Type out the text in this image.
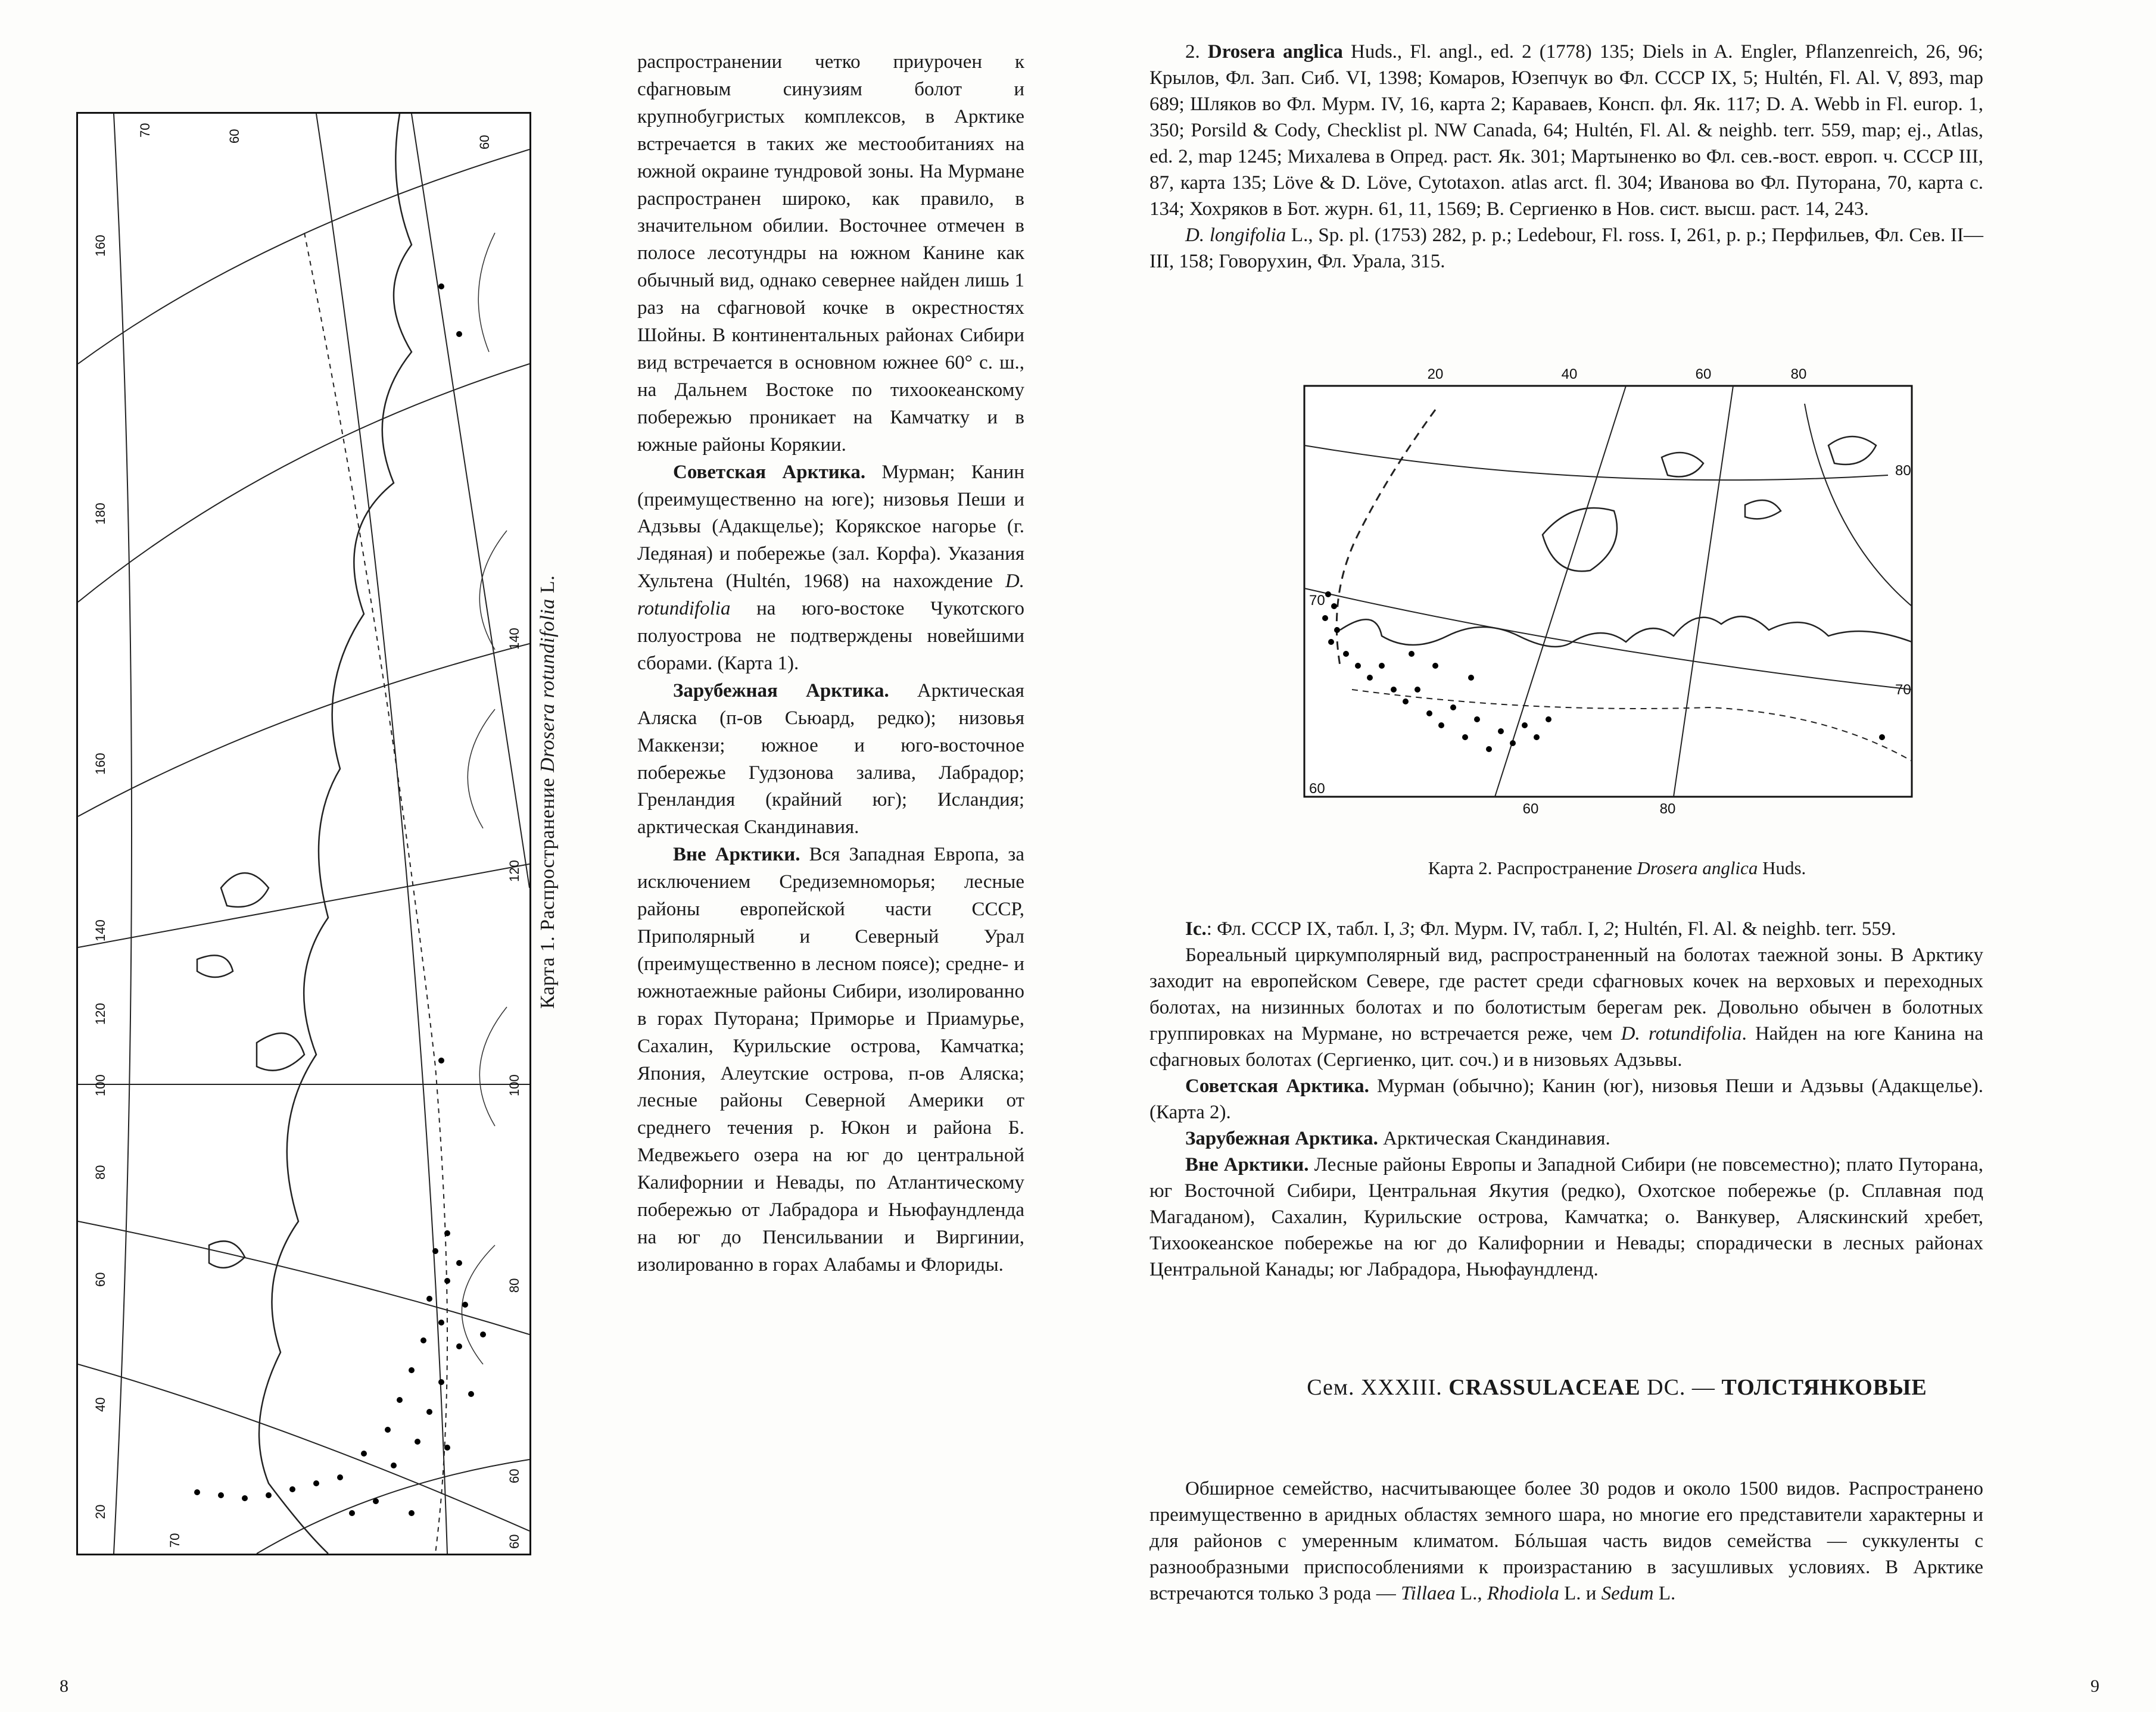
160
180
160
140
120
100
80
60
40
20
70
70
60	60
140
120
100
80
60
60
Карта 1. Распространение Drosera rotundifolia L.

распространении четко приурочен к сфагновым синузиям болот и крупнобугристых комплексов, в Арктике встречается в таких же местообитаниях на южной окраине тундровой зоны. На Мурмане распространен широко, как правило, в значительном обилии. Восточнее отмечен в полосе лесотундры на южном Канине как обычный вид, однако севернее найден лишь 1 раз на сфагновой кочке в окрестностях Шойны. В континентальных районах Сибири вид встречается в основном южнее 60° с. ш., на Дальнем Востоке по тихоокеанскому побережью проникает на Камчатку и в южные районы Корякии.

Советская Арктика. Мурман; Канин (преимущественно на юге); низовья Пеши и Адзьвы (Адакщелье); Корякское нагорье (г. Ледяная) и побережье (зал. Корфа). Указания Хультена (Hultén, 1968) на нахождение D. rotundifolia на юго-востоке Чукотского полуострова не подтверждены новейшими сборами. (Карта 1).

Зарубежная Арктика. Арктическая Аляска (п-ов Сьюард, редко); низовья Маккензи; южное и юго-восточное побережье Гудзонова залива, Лабрадор; Гренландия (крайний юг); Исландия; арктическая Скандинавия.

Вне Арктики. Вся Западная Европа, за исключением Средиземноморья; лесные районы европейской части СССР, Приполярный и Северный Урал (преимущественно в лесном поясе); средне- и южнотаежные районы Сибири, изолированно в горах Путорана; Приморье и Приамурье, Сахалин, Курильские острова, Камчатка; Япония, Алеутские острова, п-ов Аляска; лесные районы Северной Америки от среднего течения р. Юкон и района Б. Медвежьего озера на юг до центральной Калифорнии и Невады, по Атлантическому побережью от Лабрадора и Ньюфаундленда на юг до Пенсильвании и Виргинии, изолированно в горах Алабамы и Флориды.

8

2. Drosera anglica Huds., Fl. angl., ed. 2 (1778) 135; Diels in A. Engler, Pflanzenreich, 26, 96; Крылов, Фл. Зап. Сиб. VI, 1398; Комаров, Юзепчук во Фл. СССР IX, 5; Hultén, Fl. Al. V, 893, map 689; Шляков во Фл. Мурм. IV, 16, карта 2; Караваев, Консп. фл. Як. 117; D. A. Webb in Fl. europ. 1, 350; Porsild & Cody, Checklist pl. NW Canada, 64; Hultén, Fl. Al. & neighb. terr. 559, map; ej., Atlas, ed. 2, map 1245; Михалева в Опред. раст. Як. 301; Мартыненко во Фл. сев.-вост. европ. ч. СССР III, 87, карта 135; Löve & D. Löve, Cytotaxon. atlas arct. fl. 304; Иванова во Фл. Путорана, 70, карта с. 134; Хохряков в Бот. журн. 61, 11, 1569; В. Сергиенко в Нов. сист. высш. раст. 14, 243.

D. longifolia L., Sp. pl. (1753) 282, p. p.; Ledebour, Fl. ross. I, 261, p. p.; Перфильев, Фл. Сев. II—III, 158; Говорухин, Фл. Урала, 315.

20	40	60	80
60	80
70
60
80
70
Карта 2. Распространение Drosera anglica Huds.

Ic.: Фл. СССР IX, табл. I, 3; Фл. Мурм. IV, табл. I, 2; Hultén, Fl. Al. & neighb. terr. 559.

Бореальный циркумполярный вид, распространенный на болотах таежной зоны. В Арктику заходит на европейском Севере, где растет среди сфагновых кочек на верховых и переходных болотах, на низинных болотах и по болотистым берегам рек. Довольно обычен в болотных группировках на Мурмане, но встречается реже, чем D. rotundifolia. Найден на юге Канина на сфагновых болотах (Сергиенко, цит. соч.) и в низовьях Адзьвы.

Советская Арктика. Мурман (обычно); Канин (юг), низовья Пеши и Адзьвы (Адакщелье). (Карта 2).

Зарубежная Арктика. Арктическая Скандинавия.

Вне Арктики. Лесные районы Европы и Западной Сибири (не повсеместно); плато Путорана, юг Восточной Сибири, Центральная Якутия (редко), Охотское побережье (р. Сплавная под Магаданом), Сахалин, Курильские острова, Камчатка; о. Ванкувер, Аляскинский хребет, Тихоокеанское побережье на юг до Калифорнии и Невады; спорадически в лесных районах Центральной Канады; юг Лабрадора, Ньюфаундленд.

Сем. XXXIII. CRASSULACEAE DC. — ТОЛСТЯНКОВЫЕ

Обширное семейство, насчитывающее более 30 родов и около 1500 видов. Распространено преимущественно в аридных областях земного шара, но многие его представители характерны и для районов с умеренным климатом. Бóльшая часть видов семейства — суккуленты с разнообразными приспособлениями к произрастанию в засушливых условиях. В Арктике встречаются только 3 рода — Tillaea L., Rhodiola L. и Sedum L.

9
